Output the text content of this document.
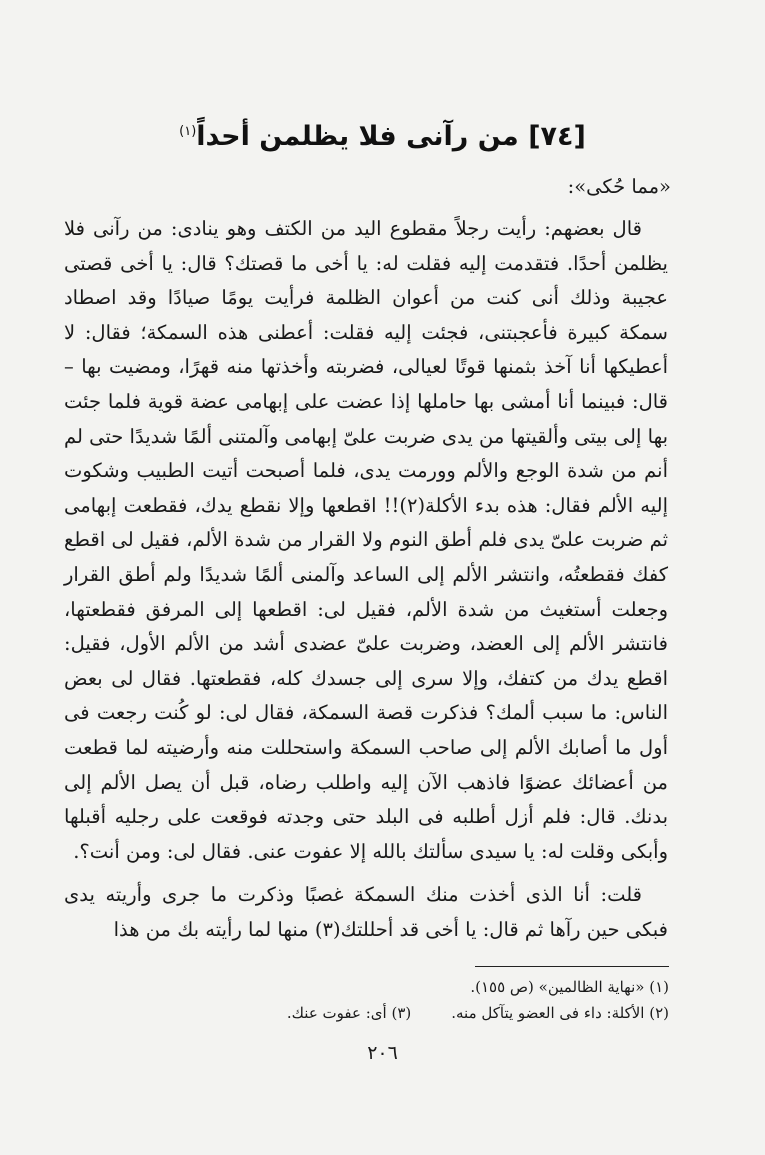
[٧٤] من رآنى فلا يظلمن أحداً$^{(١)}$
«مما حُكى»:

قال بعضهم: رأيت رجلاً مقطوع اليد من الكتف وهو ينادى: من رآنى فلا يظلمن أحدًا. فتقدمت إليه فقلت له: يا أخى ما قصتك؟ قال: يا أخى قصتى عجيبة وذلك أنى كنت من أعوان الظلمة فرأيت يومًا صيادًا وقد اصطاد سمكة كبيرة فأعجبتنى، فجئت إليه فقلت: أعطنى هذه السمكة؛ فقال: لا أعطيكها أنا آخذ بثمنها قوتًا لعيالى، فضربته وأخذتها منه قهرًا، ومضيت بها – قال: فبينما أنا أمشى بها حاملها إذا عضت على إبهامى عضة قوية فلما جئت بها إلى بيتى وألقيتها من يدى ضربت علىّ إبهامى وآلمتنى ألمًا شديدًا حتى لم أنم من شدة الوجع والألم وورمت يدى، فلما أصبحت أتيت الطبيب وشكوت إليه الألم فقال: هذه بدء الأكلة(٢)!! اقطعها وإلا نقطع يدك، فقطعت إبهامى ثم ضربت علىّ يدى فلم أطق النوم ولا القرار من شدة الألم، فقيل لى اقطع كفك فقطعتُه، وانتشر الألم إلى الساعد وآلمنى ألمًا شديدًا ولم أطق القرار وجعلت أستغيث من شدة الألم، فقيل لى: اقطعها إلى المرفق فقطعتها، فانتشر الألم إلى العضد، وضربت علىّ عضدى أشد من الألم الأول، فقيل: اقطع يدك من كتفك، وإلا سرى إلى جسدك كله، فقطعتها. فقال لى بعض الناس: ما سبب ألمك؟ فذكرت قصة السمكة، فقال لى: لو كُنت رجعت فى أول ما أصابك الألم إلى صاحب السمكة واستحللت منه وأرضيته لما قطعت من أعضائك عضوًا فاذهب الآن إليه واطلب رضاه، قبل أن يصل الألم إلى بدنك. قال: فلم أزل أطلبه فى البلد حتى وجدته فوقعت على رجليه أقبلها وأبكى وقلت له: يا سيدى سألتك بالله إلا عفوت عنى. فقال لى: ومن أنت؟.

قلت: أنا الذى أخذت منك السمكة غصبًا وذكرت ما جرى وأريته يدى فبكى حين رآها ثم قال: يا أخى قد أحللتك(٣) منها لما رأيته بك من هذا

(١) «نهاية الظالمين» (ص ١٥٥).
(٢) الأكلة: داء فى العضو يتآكل منه.
(٣) أى: عفوت عنك.
٢٠٦
